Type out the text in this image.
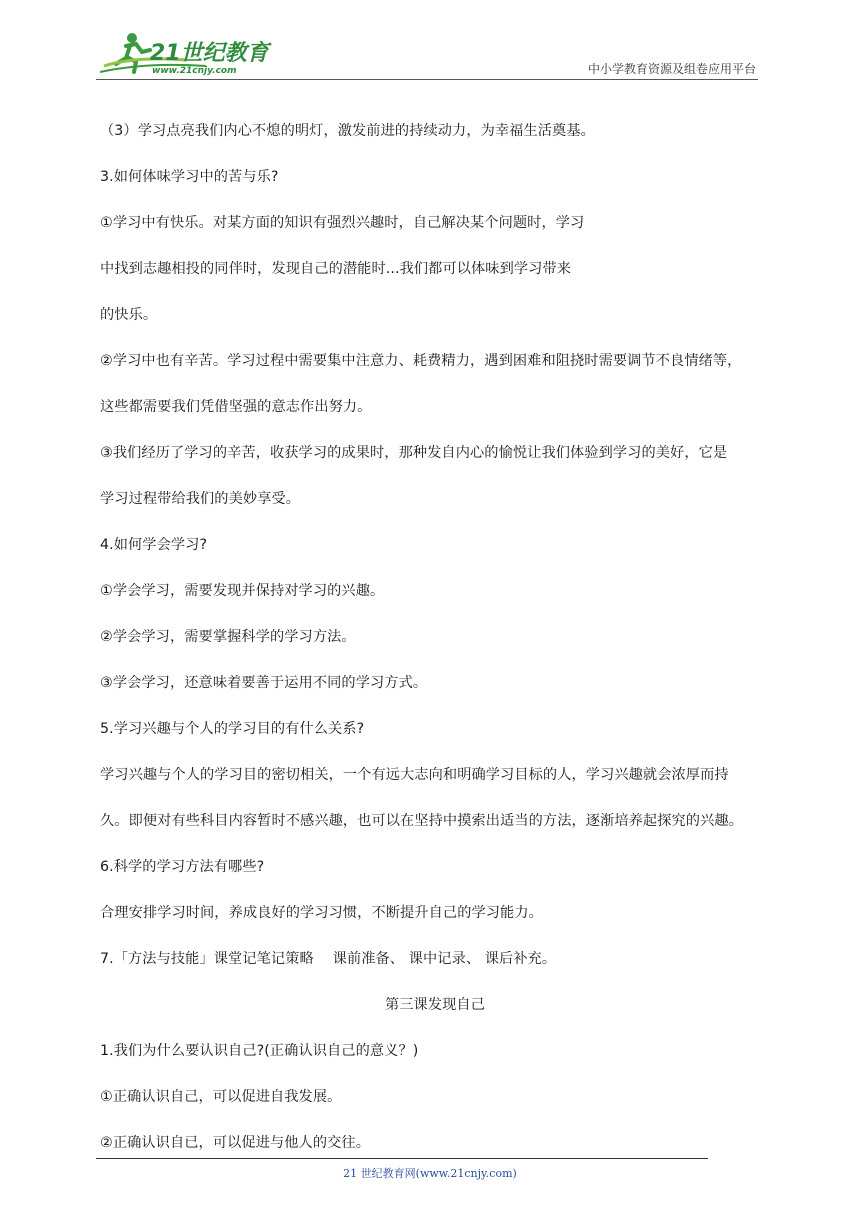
21世纪教育
www.21cnjy.com	中小学教育资源及组卷应用平台
（3）学习点亮我们内心不熄的明灯，激发前进的持续动力，为幸福生活奠基。
3.如何体味学习中的苦与乐?
①学习中有快乐。对某方面的知识有强烈兴趣时，自己解决某个问题时，学习
中找到志趣相投的同伴时，发现自己的潜能时...我们都可以体味到学习带来
的快乐。
②学习中也有辛苦。学习过程中需要集中注意力、耗费精力，遇到困难和阻挠时需要调节不良情绪等，
这些都需要我们凭借坚强的意志作出努力。
③我们经历了学习的辛苦，收获学习的成果时，那种发自内心的愉悦让我们体验到学习的美好，它是
学习过程带给我们的美妙享受。
4.如何学会学习?
①学会学习，需要发现并保持对学习的兴趣。
②学会学习，需要掌握科学的学习方法。
③学会学习，还意味着要善于运用不同的学习方式。
5.学习兴趣与个人的学习目的有什么关系?
学习兴趣与个人的学习目的密切相关，一个有远大志向和明确学习目标的人，学习兴趣就会浓厚而持
久。即便对有些科目内容暂时不感兴趣，也可以在坚持中摸索出适当的方法，逐渐培养起探究的兴趣。
6.科学的学习方法有哪些?
合理安排学习时间，养成良好的学习习惯，不断提升自己的学习能力。
7.「方法与技能」课堂记笔记策略　 课前准备、 课中记录、 课后补充。
第三课发现自己
1.我们为什么要认识自己?(正确认识自己的意义？)
①正确认识自己，可以促进自我发展。
②正确认识自已，可以促进与他人的交往。
21 世纪教育网(www.21cnjy.com)
